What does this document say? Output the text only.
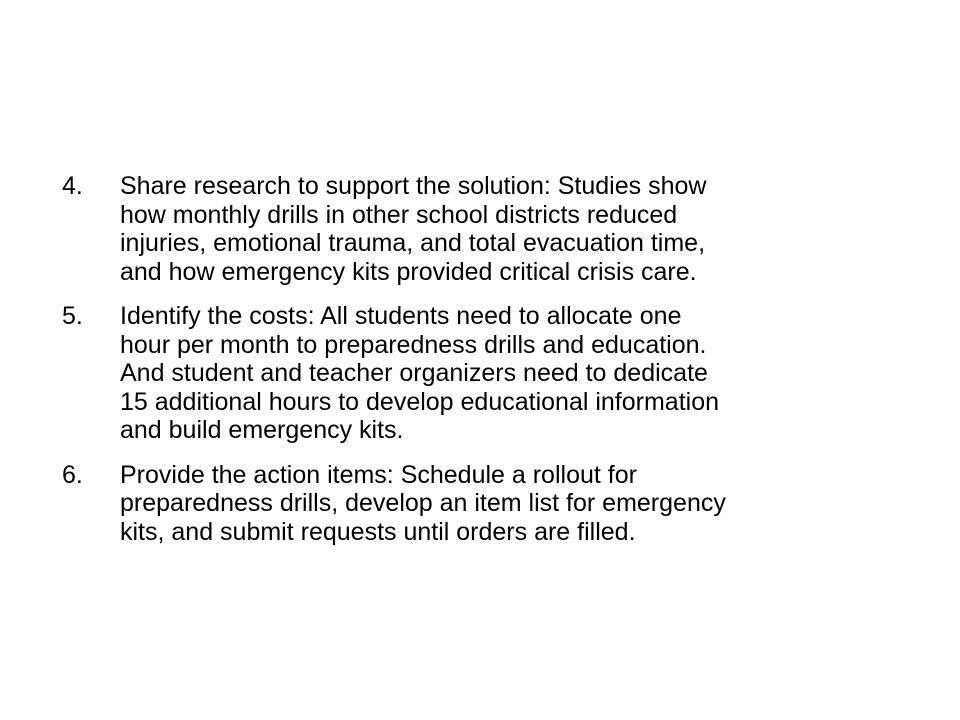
4. Share research to support the solution: Studies show
how monthly drills in other school districts reduced
injuries, emotional trauma, and total evacuation time,
and how emergency kits provided critical crisis care.
5. Identify the costs: All students need to allocate one
hour per month to preparedness drills and education.
And student and teacher organizers need to dedicate
15 additional hours to develop educational information
and build emergency kits.
6. Provide the action items: Schedule a rollout for
preparedness drills, develop an item list for emergency
kits, and submit requests until orders are filled.
